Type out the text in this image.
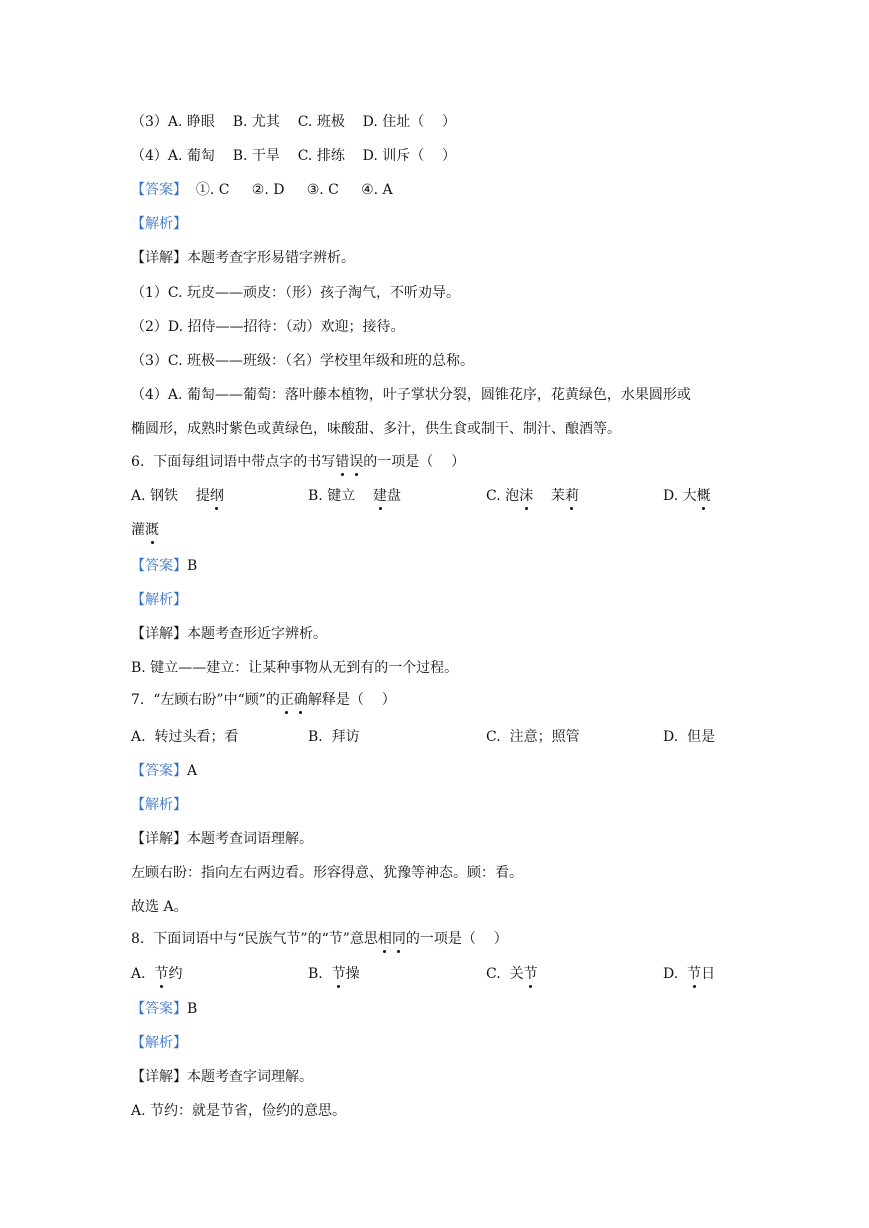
（3）A. 睁眼    B. 尤其    C. 班极    D. 住址（    ）
（4）A. 葡匋    B. 干旱    C. 排练    D. 训斥（    ）
【答案】  ①. C     ②. D     ③. C     ④. A
【解析】
【详解】本题考查字形易错字辨析。
（1）C. 玩皮——顽皮：（形）孩子淘气，不听劝导。
（2）D. 招侍——招待：（动）欢迎；接待。
（3）C. 班极——班级：（名）学校里年级和班的总称。
（4）A. 葡匋——葡萄：落叶藤本植物，叶子掌状分裂，圆锥花序，花黄绿色，水果圆形或
椭圆形，成熟时紫色或黄绿色，味酸甜、多汁，供生食或制干、制汁、酿酒等。
6.  下面每组词语中带点字的书写错误的一项是（    ）
A. 钢铁    提纲	B. 键立    建盘	C. 泡沫    茉莉	D. 大概
灌溉
【答案】B
【解析】
【详解】本题考查形近字辨析。
B. 键立——建立：让某种事物从无到有的一个过程。
7.  “左顾右盼”中“顾”的正确解释是（    ）
A.  转过头看；看	B.  拜访	C.  注意；照管	D.  但是
【答案】A
【解析】
【详解】本题考查词语理解。
左顾右盼：指向左右两边看。形容得意、犹豫等神态。顾：看。
故选 A。
8.  下面词语中与“民族气节”的“节”意思相同的一项是（    ）
A.  节约	B.  节操	C.  关节	D.  节日
【答案】B
【解析】
【详解】本题考查字词理解。
A. 节约：就是节省，俭约的意思。
